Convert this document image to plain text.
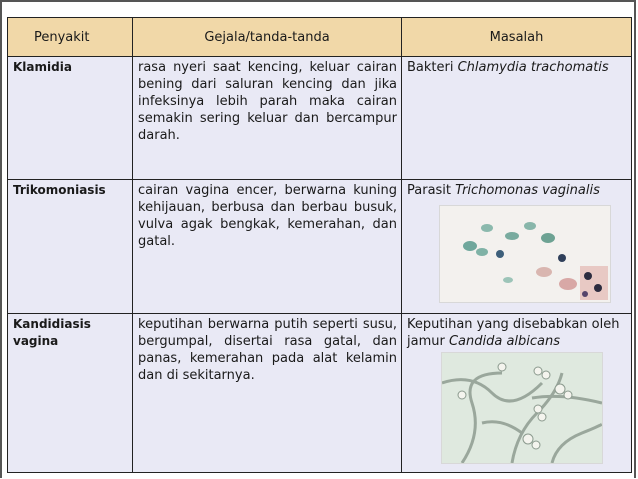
Penyakit	Gejala/tanda-tanda	Masalah
Klamidia	rasa nyeri saat kencing, keluar cairan bening dari saluran kencing dan jika infeksinya lebih parah maka cairan semakin sering keluar dan bercampur darah.	Bakteri Chlamydia trachomatis
Trikomoniasis	cairan vagina encer, berwarna kuning kehijauan, berbusa dan berbau busuk, vulva agak bengkak, kemerahan, dan gatal.	Parasit Trichomonas vaginalis

Kandidiasis vagina	keputihan berwarna putih seperti susu, bergumpal, disertai rasa gatal, dan panas, kemerahan pada alat kelamin dan di sekitarnya.	Keputihan yang disebabkan oleh jamur Candida albicans
